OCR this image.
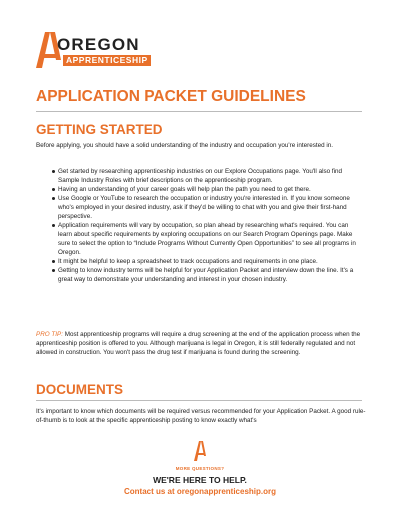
OREGON
APPRENTICESHIP
APPLICATION PACKET GUIDELINES
GETTING STARTED

Before applying, you should have a solid understanding of the industry and occupation you're interested in.

Get started by researching apprenticeship industries on our Explore Occupations page. You'll also find Sample Industry Roles with brief descriptions on the apprenticeship program.
Having an understanding of your career goals will help plan the path you need to get there.
Use Google or YouTube to research the occupation or industry you're interested in. If you know someone who's employed in your desired industry, ask if they'd be willing to chat with you and give their first-hand perspective.
Application requirements will vary by occupation, so plan ahead by researching what's required. You can learn about specific requirements by exploring occupations on our Search Program Openings page. Make sure to select the option to “Include Programs Without Currently Open Opportunities” to see all programs in Oregon.
It might be helpful to keep a spreadsheet to track occupations and requirements in one place.
Getting to know industry terms will be helpful for your Application Packet and interview down the line. It's a great way to demonstrate your understanding and interest in your chosen industry.

PRO TIP: Most apprenticeship programs will require a drug screening at the end of the application process when the apprenticeship position is offered to you. Although marijuana is legal in Oregon, it is still federally regulated and not allowed in construction. You won't pass the drug test if marijuana is found during the screening.

DOCUMENTS

It's important to know which documents will be required versus recommended for your Application Packet. A good rule-of-thumb is to look at the specific apprenticeship posting to know exactly what's

MORE QUESTIONS?
WE'RE HERE TO HELP.
Contact us at oregonapprenticeship.org
